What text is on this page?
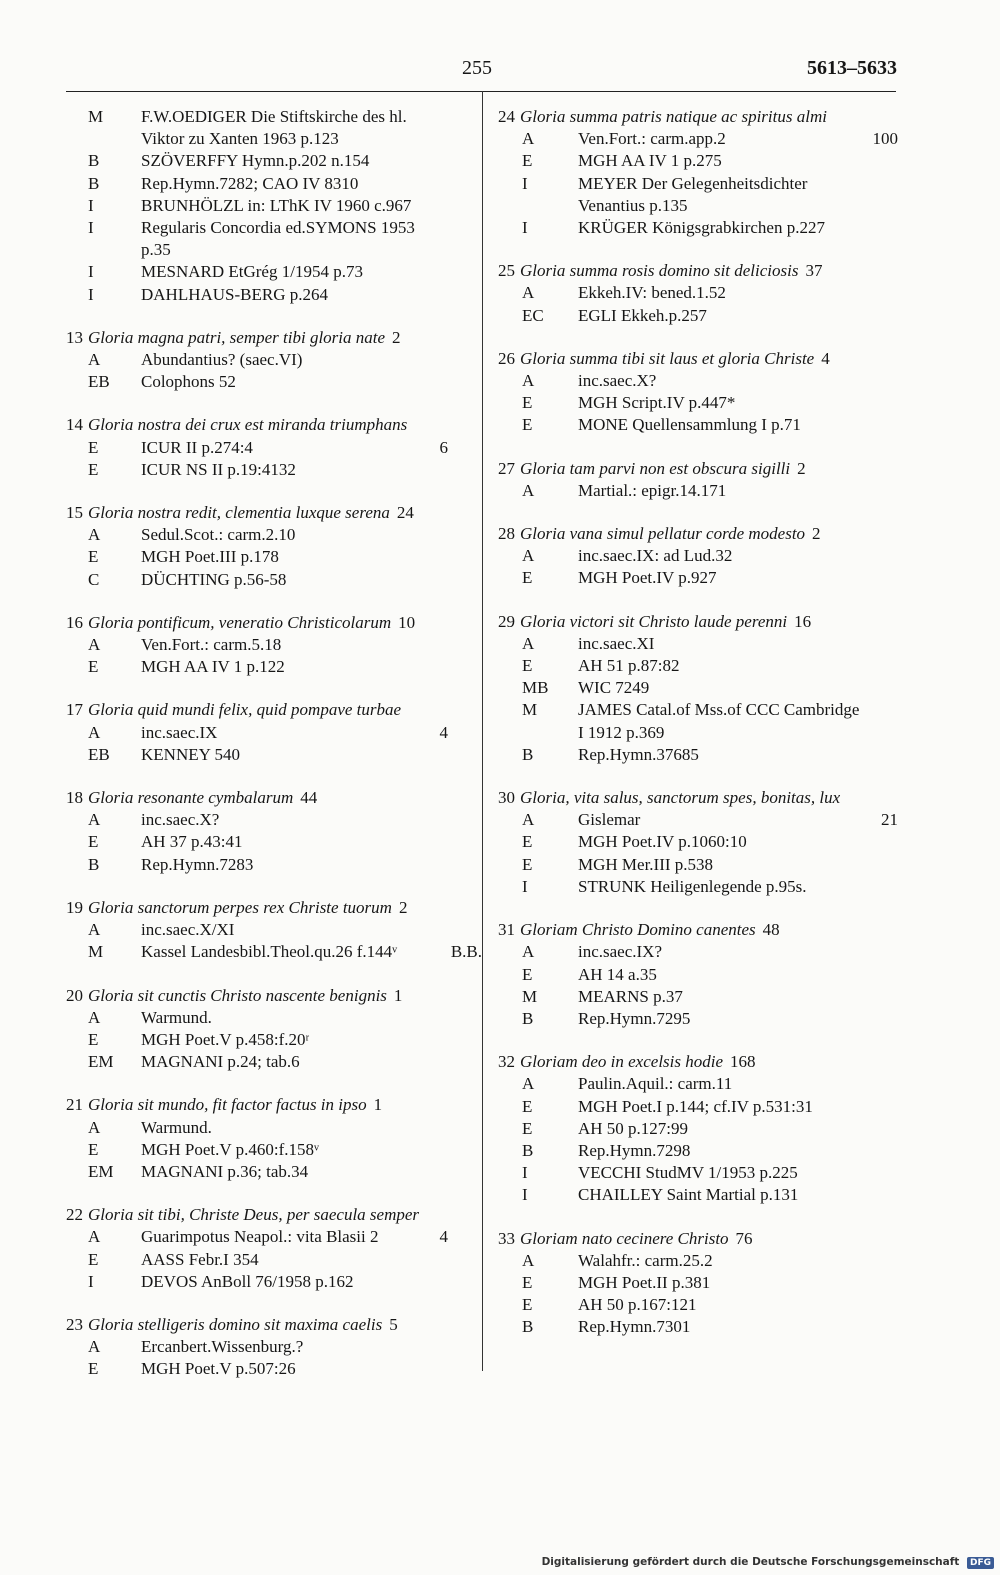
255	5613–5633
M	F.W.OEDIGER Die Stiftskirche des hl. Viktor zu Xanten 1963 p.123
B	SZÖVERFFY Hymn.p.202 n.154
B	Rep.Hymn.7282; CAO IV 8310
I	BRUNHÖLZL in: LThK IV 1960 c.967
I	Regularis Concordia ed.SYMONS 1953 p.35
I	MESNARD EtGrég 1/1954 p.73
I	DAHLHAUS-BERG p.264
13 Gloria magna patri, semper tibi gloria nate 2
A	Abundantius? (saec.VI)
EB	Colophons 52
14 Gloria nostra dei crux est miranda triumphans
E	ICUR II p.274:4	6
E	ICUR NS II p.19:4132
15 Gloria nostra redit, clementia luxque serena 24
A	Sedul.Scot.: carm.2.10
E	MGH Poet.III p.178
C	DÜCHTING p.56-58
16 Gloria pontificum, veneratio Christicolarum 10
A	Ven.Fort.: carm.5.18
E	MGH AA IV 1 p.122
17 Gloria quid mundi felix, quid pompave turbae
A	inc.saec.IX	4
EB	KENNEY 540
18 Gloria resonante cymbalarum 44
A	inc.saec.X?
E	AH 37 p.43:41
B	Rep.Hymn.7283
19 Gloria sanctorum perpes rex Christe tuorum 2
A	inc.saec.X/XI
M	Kassel Landesbibl.Theol.qu.26 f.144ᵛ	B.B.
20 Gloria sit cunctis Christo nascente benignis 1
A	Warmund.
E	MGH Poet.V p.458:f.20ʳ
EM	MAGNANI p.24; tab.6
21 Gloria sit mundo, fit factor factus in ipso 1
A	Warmund.
E	MGH Poet.V p.460:f.158ᵛ
EM	MAGNANI p.36; tab.34
22 Gloria sit tibi, Christe Deus, per saecula semper
A	Guarimpotus Neapol.: vita Blasii 2	4
E	AASS Febr.I 354
I	DEVOS AnBoll 76/1958 p.162
23 Gloria stelligeris domino sit maxima caelis 5
A	Ercanbert.Wissenburg.?
E	MGH Poet.V p.507:26
24 Gloria summa patris natique ac spiritus almi
A	Ven.Fort.: carm.app.2	100
E	MGH AA IV 1 p.275
I	MEYER Der Gelegenheitsdichter Venantius p.135
I	KRÜGER Königsgrabkirchen p.227
25 Gloria summa rosis domino sit deliciosis 37
A	Ekkeh.IV: bened.1.52
EC	EGLI Ekkeh.p.257
26 Gloria summa tibi sit laus et gloria Christe 4
A	inc.saec.X?
E	MGH Script.IV p.447*
E	MONE Quellensammlung I p.71
27 Gloria tam parvi non est obscura sigilli 2
A	Martial.: epigr.14.171
28 Gloria vana simul pellatur corde modesto 2
A	inc.saec.IX: ad Lud.32
E	MGH Poet.IV p.927
29 Gloria victori sit Christo laude perenni 16
A	inc.saec.XI
E	AH 51 p.87:82
MB	WIC 7249
M	JAMES Catal.of Mss.of CCC Cambridge I 1912 p.369
B	Rep.Hymn.37685
30 Gloria, vita salus, sanctorum spes, bonitas, lux
A	Gislemar	21
E	MGH Poet.IV p.1060:10
E	MGH Mer.III p.538
I	STRUNK Heiligenlegende p.95s.
31 Gloriam Christo Domino canentes 48
A	inc.saec.IX?
E	AH 14 a.35
M	MEARNS p.37
B	Rep.Hymn.7295
32 Gloriam deo in excelsis hodie 168
A	Paulin.Aquil.: carm.11
E	MGH Poet.I p.144; cf.IV p.531:31
E	AH 50 p.127:99
B	Rep.Hymn.7298
I	VECCHI StudMV 1/1953 p.225
I	CHAILLEY Saint Martial p.131
33 Gloriam nato cecinere Christo 76
A	Walahfr.: carm.25.2
E	MGH Poet.II p.381
E	AH 50 p.167:121
B	Rep.Hymn.7301
Digitalisierung gefördert durch die Deutsche Forschungsgemeinschaft DFG
